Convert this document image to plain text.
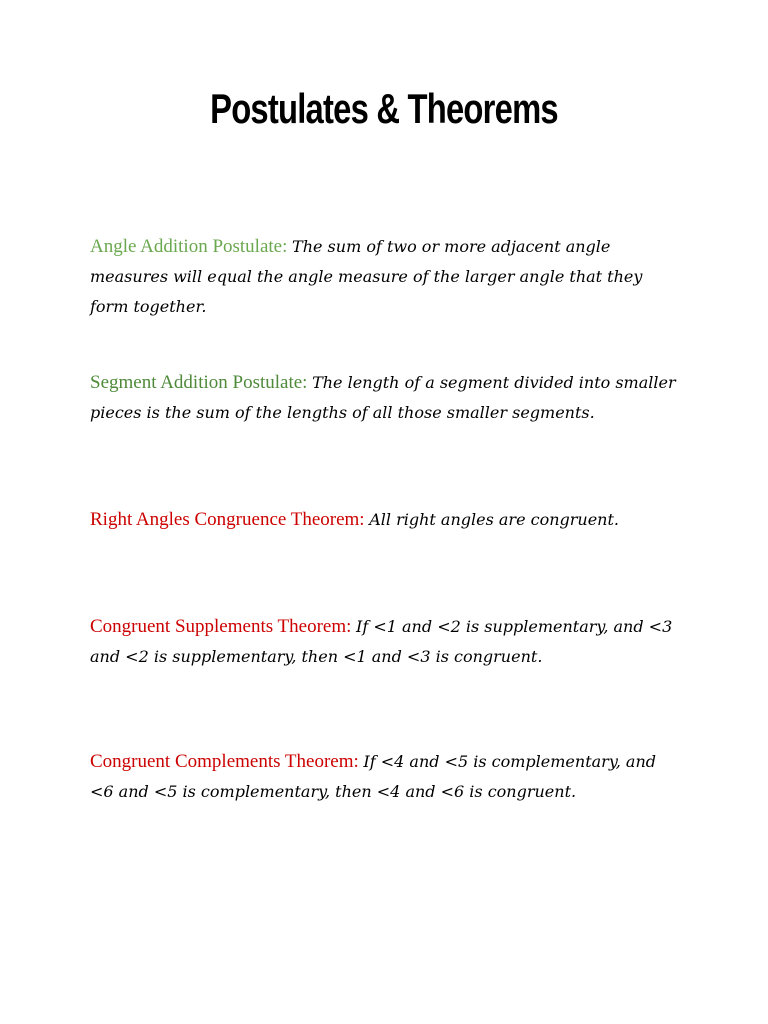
Postulates & Theorems
Angle Addition Postulate: The sum of two or more adjacent angle measures will equal the angle measure of the larger angle that they form together.
Segment Addition Postulate: The length of a segment divided into smaller pieces is the sum of the lengths of all those smaller segments.
Right Angles Congruence Theorem: All right angles are congruent.
Congruent Supplements Theorem: If <1 and <2 is supplementary, and <3 and <2 is supplementary, then <1 and <3 is congruent.
Congruent Complements Theorem: If <4 and <5 is complementary, and <6 and <5 is complementary, then <4 and <6 is congruent.
